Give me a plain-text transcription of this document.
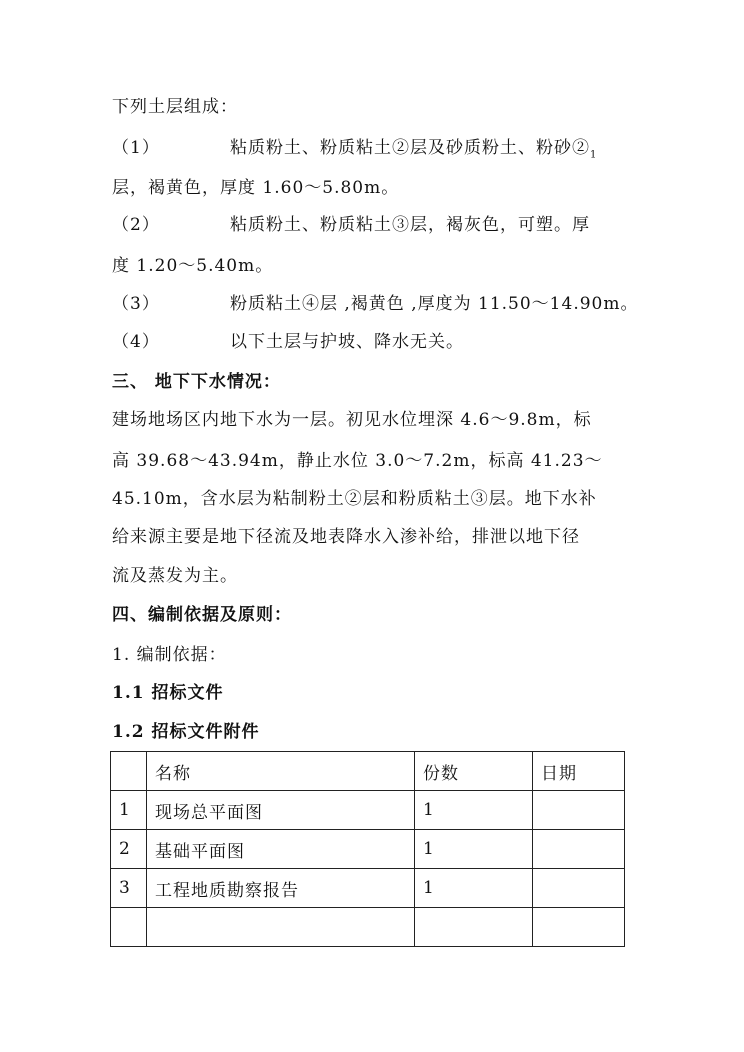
下列土层组成：
（1）	粘质粉土、粉质粘土②层及砂质粉土、粉砂$②_1$
层，褐黄色，厚度 1.60～5.80m。
（2）	粘质粉土、粉质粘土③层，褐灰色，可塑。厚
度 1.20～5.40m。
（3）	粉质粘土④层 ,褐黄色 ,厚度为 11.50～14.90m。
（4）	以下土层与护坡、降水无关。
三、 地下下水情况：
建场地场区内地下水为一层。初见水位埋深 4.6～9.8m，标
高 39.68～43.94m，静止水位 3.0～7.2m，标高 41.23～
45.10m，含水层为粘制粉土②层和粉质粘土③层。地下水补
给来源主要是地下径流及地表降水入渗补给，排泄以地下径
流及蒸发为主。
四、编制依据及原则：
1. 编制依据：
1.1 招标文件
1.2 招标文件附件
	名称	份数	日期
1	现场总平面图	1	
2	基础平面图	1	
3	工程地质勘察报告	1	
